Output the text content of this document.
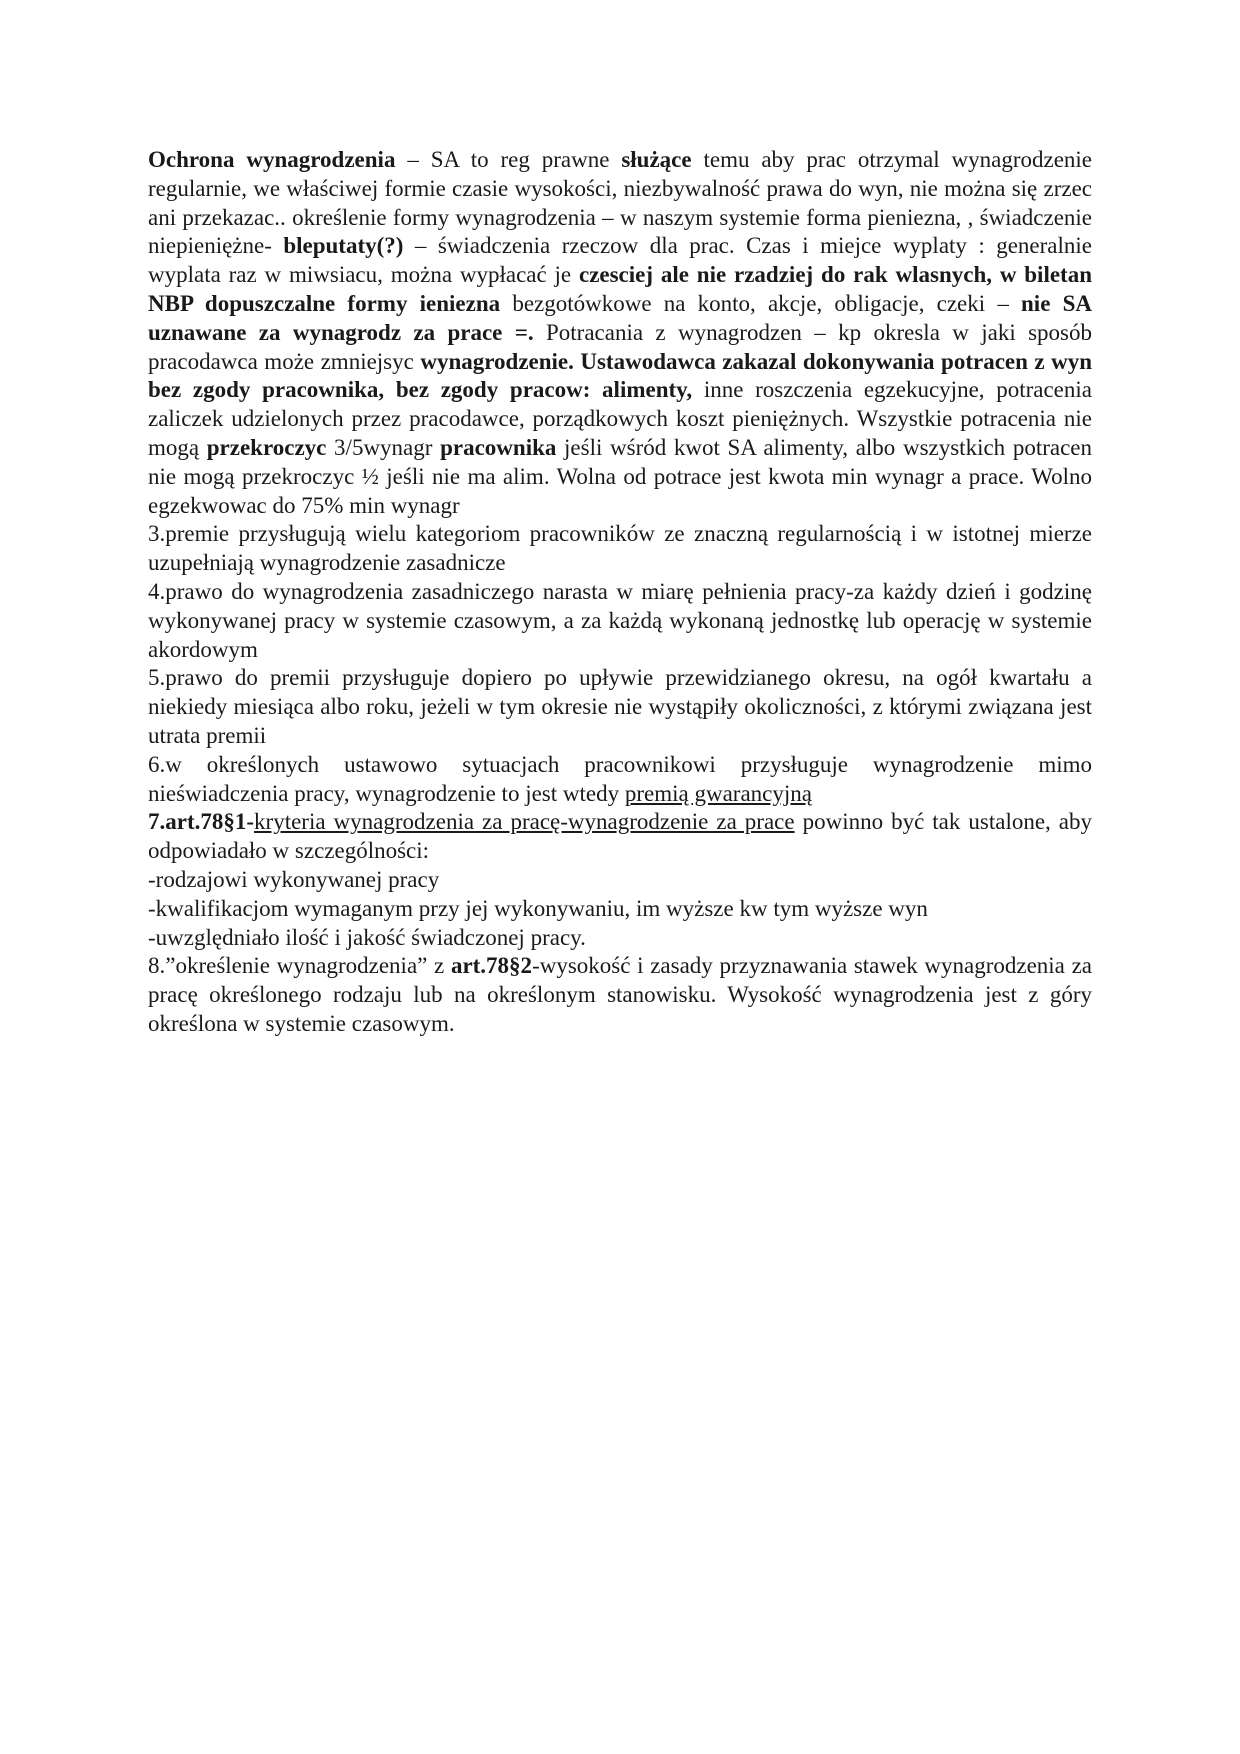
Ochrona wynagrodzenia – SA to reg prawne służące temu aby prac otrzymal wynagrodzenie regularnie, we właściwej formie czasie wysokości, niezbywalność prawa do wyn, nie można się zrzec ani przekazac.. określenie formy wynagrodzenia – w naszym systemie forma pieniezna, , świadczenie niepieniężne- bleputaty(?) – świadczenia rzeczow dla prac. Czas i miejce wyplaty : generalnie wyplata raz w miwsiacu, można wypłacać je czesciej ale nie rzadziej do rak wlasnych, w biletan NBP dopuszczalne formy ieniezna bezgotówkowe na konto, akcje, obligacje, czeki – nie SA uznawane za wynagrodz za prace =. Potracania z wynagrodzen – kp okresla w jaki sposób pracodawca może zmniejsyc wynagrodzenie. Ustawodawca zakazal dokonywania potracen z wyn bez zgody pracownika, bez zgody pracow: alimenty, inne roszczenia egzekucyjne, potracenia zaliczek udzielonych przez pracodawce, porządkowych koszt pieniężnych. Wszystkie potracenia nie mogą przekroczyc 3/5wynagr pracownika jeśli wśród kwot SA alimenty, albo wszystkich potracen nie mogą przekroczyc ½ jeśli nie ma alim. Wolna od potrace jest kwota min wynagr a prace. Wolno egzekwowac do 75% min wynagr

3.premie przysługują wielu kategoriom pracowników ze znaczną regularnością i w istotnej mierze uzupełniają wynagrodzenie zasadnicze

4.prawo do wynagrodzenia zasadniczego narasta w miarę pełnienia pracy-za każdy dzień i godzinę wykonywanej pracy w systemie czasowym, a za każdą wykonaną jednostkę lub operację w systemie akordowym

5.prawo do premii przysługuje dopiero po upływie przewidzianego okresu, na ogół kwartału a niekiedy miesiąca albo roku, jeżeli w tym okresie nie wystąpiły okoliczności, z którymi związana jest utrata premii

6.w określonych ustawowo sytuacjach pracownikowi przysługuje wynagrodzenie mimo nieświadczenia pracy, wynagrodzenie to jest wtedy premią gwarancyjną

7.art.78§1-kryteria wynagrodzenia za pracę-wynagrodzenie za prace powinno być tak ustalone, aby odpowiadało w szczególności:

-rodzajowi wykonywanej pracy

-kwalifikacjom wymaganym przy jej wykonywaniu, im wyższe kw tym wyższe wyn

-uwzględniało ilość i jakość świadczonej pracy.

8.”określenie wynagrodzenia” z art.78§2-wysokość i zasady przyznawania stawek wynagrodzenia za pracę określonego rodzaju lub na określonym stanowisku. Wysokość wynagrodzenia jest z góry określona w systemie czasowym.
